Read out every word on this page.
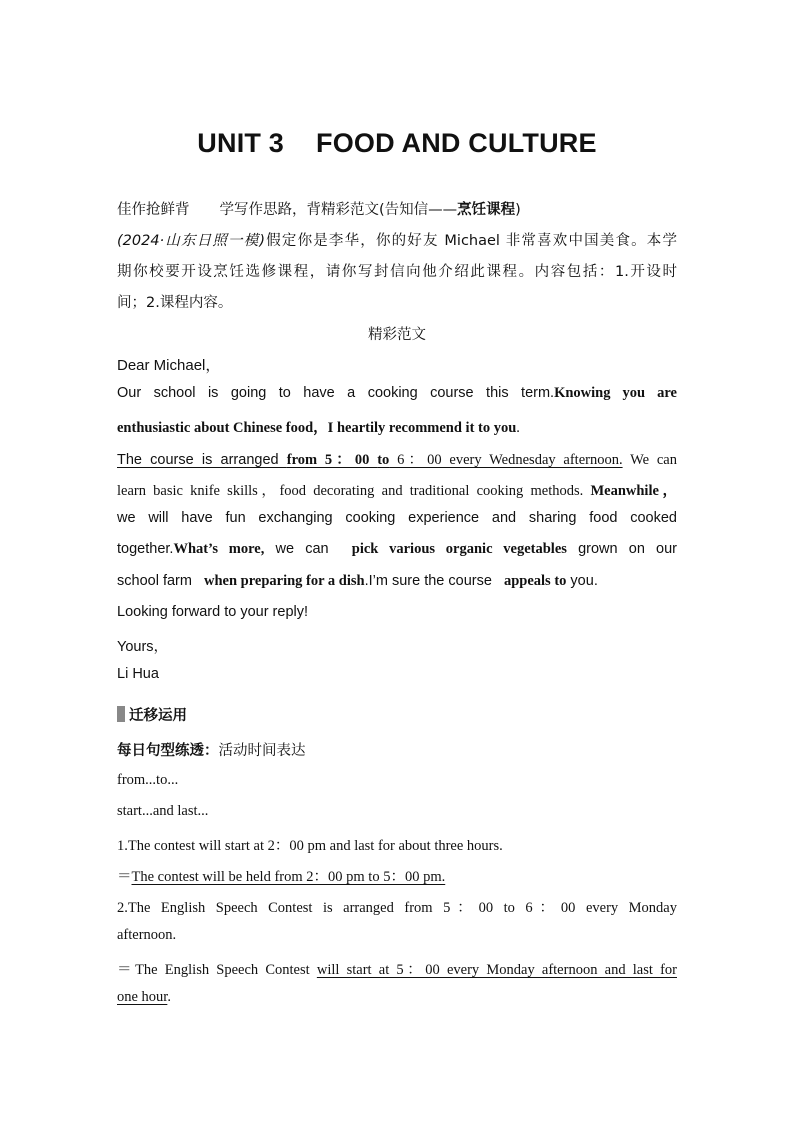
UNIT 3 FOOD AND CULTURE
佳作抢鲜背 学写作思路，背精彩范文(告知信——烹饪课程)
(2024·山东日照一模)假定你是李华，你的好友 Michael 非常喜欢中国美食。本学
期你校要开设烹饪选修课程，请你写封信向他介绍此课程。内容包括：1.开设时
间；2.课程内容。
精彩范文
Dear Michael，
Our school is going to have a cooking course this term.Knowing you are
enthusiastic about Chinese food，I heartily recommend it to you.
The course is arranged from 5：00 to 6：00 every Wednesday afternoon. We can
learn basic knife skills，food decorating and traditional cooking methods. Meanwhile，
we will have fun exchanging cooking experience and sharing food cooked
together.What’s more, we can pick various organic vegetables grown on our
school farm when preparing for a dish.I’m sure the course appeals to you.
Looking forward to your reply!
Yours，
Li Hua
迁移运用
每日句型练透：活动时间表达
from...to...
start...and last...
1.The contest will start at 2：00 pm and last for about three hours.
＝The contest will be held from 2：00 pm to 5：00 pm.
2.The English Speech Contest is arranged from 5：00 to 6：00 every Monday
afternoon.
＝The English Speech Contest will start at 5：00 every Monday afternoon and last for
one hour.
